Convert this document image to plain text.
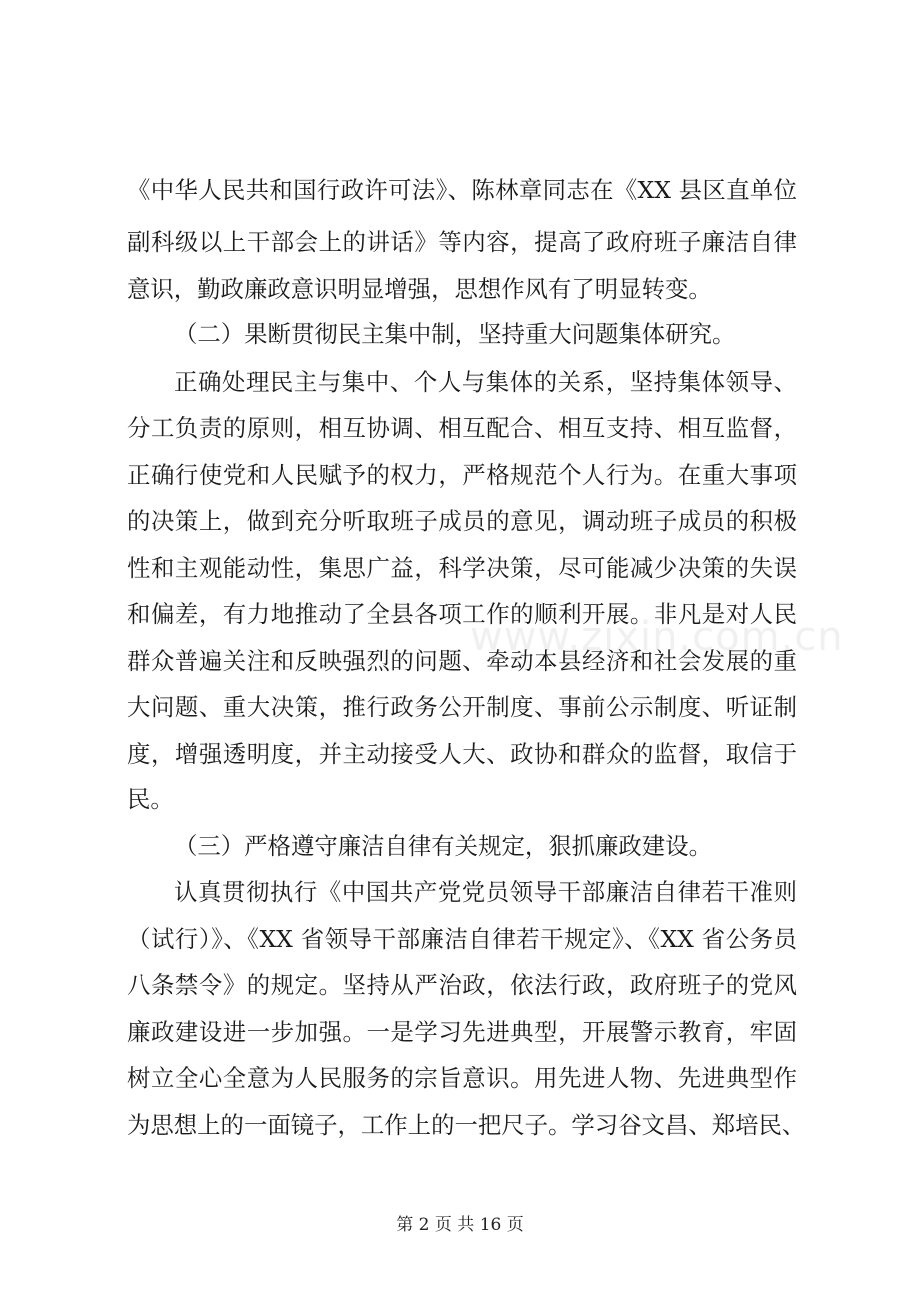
《中华人民共和国行政许可法》、陈林章同志在《XX 县区直单位
副科级以上干部会上的讲话》等内容，提高了政府班子廉洁自律
意识，勤政廉政意识明显增强，思想作风有了明显转变。
（二）果断贯彻民主集中制，坚持重大问题集体研究。
正确处理民主与集中、个人与集体的关系，坚持集体领导、
分工负责的原则，相互协调、相互配合、相互支持、相互监督，
正确行使党和人民赋予的权力，严格规范个人行为。在重大事项
的决策上，做到充分听取班子成员的意见，调动班子成员的积极
性和主观能动性，集思广益，科学决策，尽可能减少决策的失误
和偏差，有力地推动了全县各项工作的顺利开展。非凡是对人民
群众普遍关注和反映强烈的问题、牵动本县经济和社会发展的重
大问题、重大决策，推行政务公开制度、事前公示制度、听证制
度，增强透明度，并主动接受人大、政协和群众的监督，取信于
民。
（三）严格遵守廉洁自律有关规定，狠抓廉政建设。
认真贯彻执行《中国共产党党员领导干部廉洁自律若干准则
（试行）》、《XX 省领导干部廉洁自律若干规定》、《XX 省公务员
八条禁令》的规定。坚持从严治政，依法行政，政府班子的党风
廉政建设进一步加强。一是学习先进典型，开展警示教育，牢固
树立全心全意为人民服务的宗旨意识。用先进人物、先进典型作
为思想上的一面镜子，工作上的一把尺子。学习谷文昌、郑培民、
www.zixin.com.cn
第 2 页 共 16 页
